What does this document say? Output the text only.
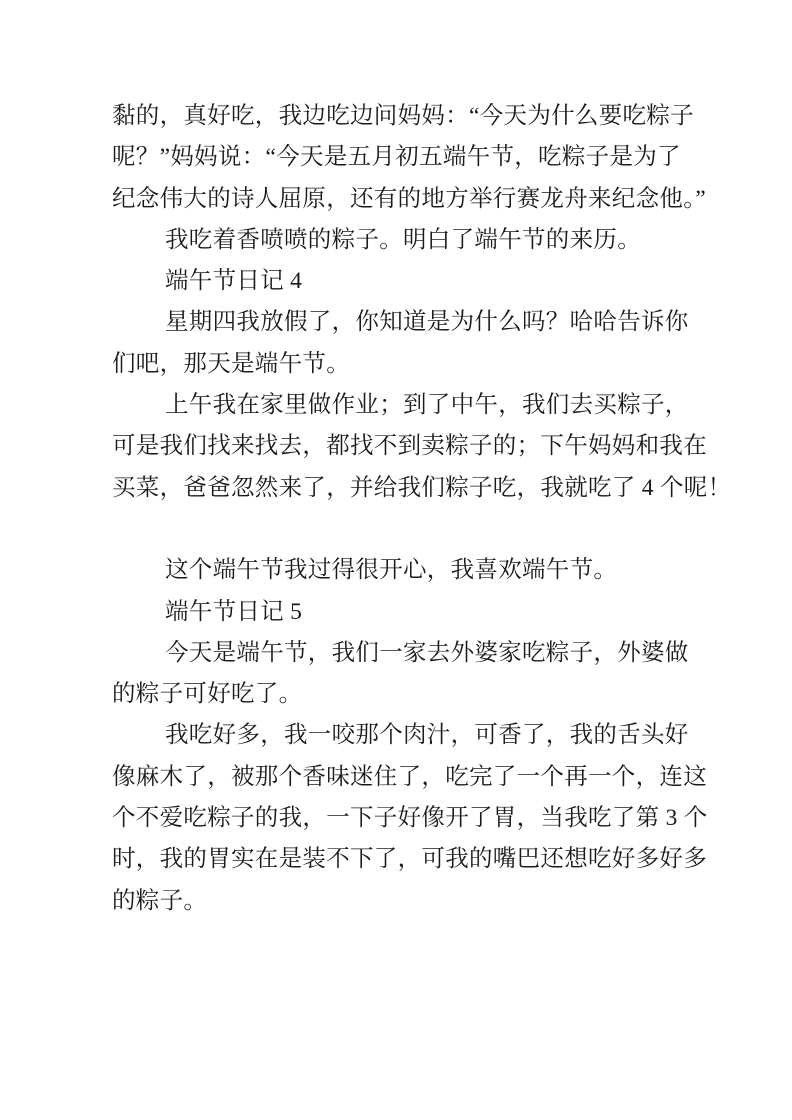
黏的，真好吃，我边吃边问妈妈：“今天为什么要吃粽子
呢？”妈妈说：“今天是五月初五端午节，吃粽子是为了
纪念伟大的诗人屈原，还有的地方举行赛龙舟来纪念他。”
我吃着香喷喷的粽子。明白了端午节的来历。
端午节日记 4
星期四我放假了，你知道是为什么吗？哈哈告诉你
们吧，那天是端午节。
上午我在家里做作业；到了中午，我们去买粽子，
可是我们找来找去，都找不到卖粽子的；下午妈妈和我在
买菜，爸爸忽然来了，并给我们粽子吃，我就吃了 4 个呢！
这个端午节我过得很开心，我喜欢端午节。
端午节日记 5
今天是端午节，我们一家去外婆家吃粽子，外婆做
的粽子可好吃了。
我吃好多，我一咬那个肉汁，可香了，我的舌头好
像麻木了，被那个香味迷住了，吃完了一个再一个，连这
个不爱吃粽子的我，一下子好像开了胃，当我吃了第 3 个
时，我的胃实在是装不下了，可我的嘴巴还想吃好多好多
的粽子。
